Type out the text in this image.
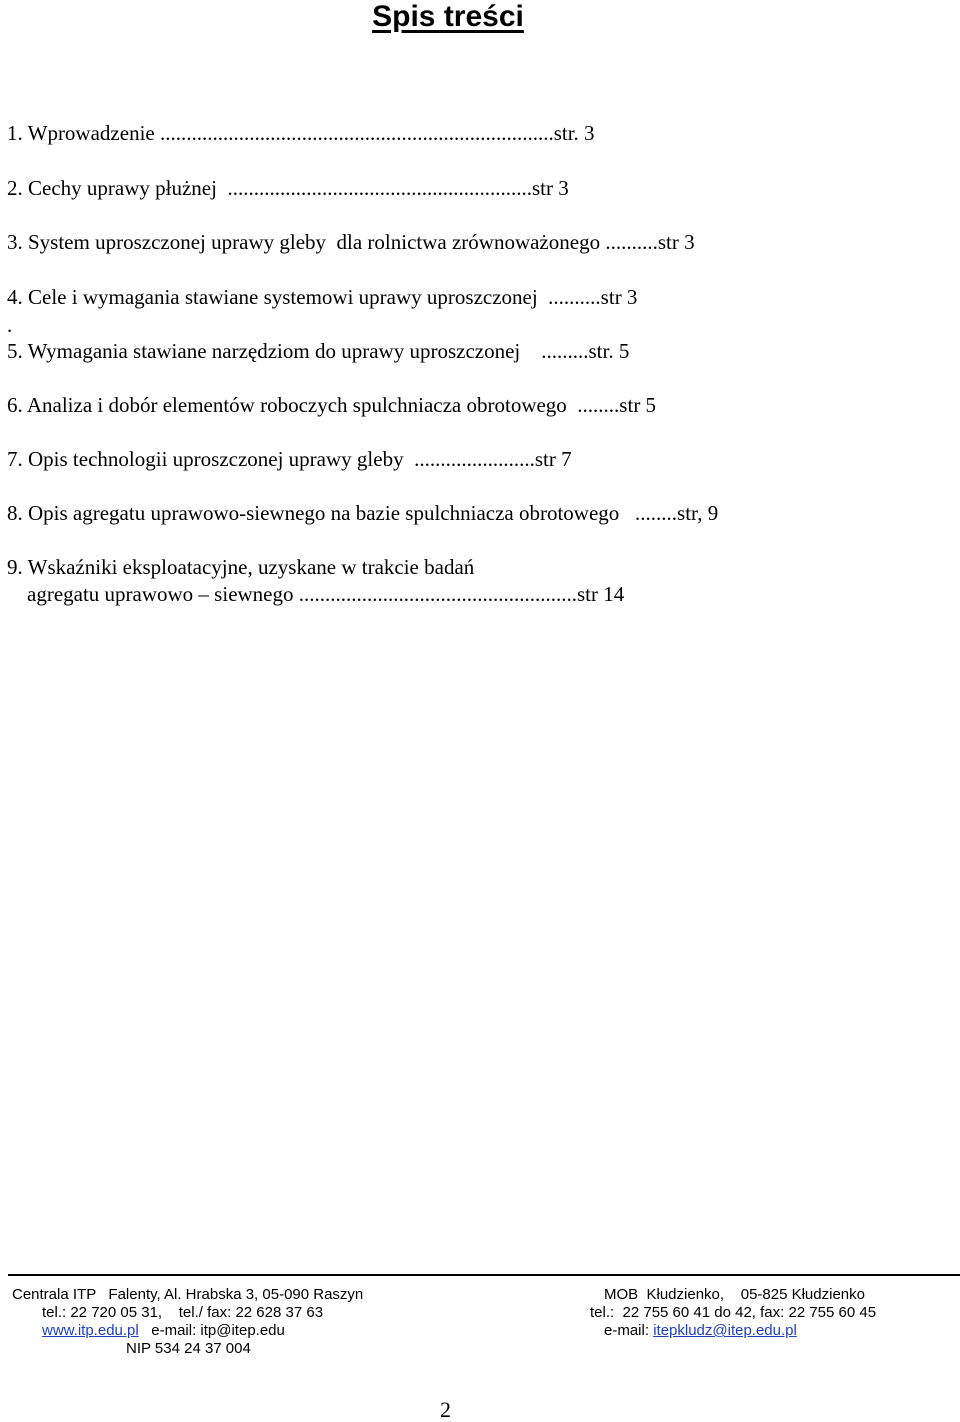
Spis treści
1. Wprowadzenie ...........................................................................str. 3
2. Cechy uprawy płużnej  ..........................................................str 3
3. System uproszczonej uprawy gleby  dla rolnictwa zrównoważonego ..........str 3
4. Cele i wymagania stawiane systemowi uprawy uproszczonej  ..........str 3
5. Wymagania stawiane narzędziom do uprawy uproszczonej    .........str. 5
6. Analiza i dobór elementów roboczych spulchniacza obrotowego  ........str 5
7. Opis technologii uproszczonej uprawy gleby  .......................str 7
8. Opis agregatu uprawowo-siewnego na bazie spulchniacza obrotowego   ........str, 9
9. Wskaźniki eksploatacyjne, uzyskane w trakcie badań
agregatu uprawowo – siewnego .....................................................str 14
.
Centrala ITP   Falenty, Al. Hrabska 3, 05-090 Raszyn
tel.: 22 720 05 31,    tel./ fax: 22 628 37 63
www.itp.edu.pl e-mail: itp@itep.edu
NIP 534 24 37 004
MOB  Kłudzienko,    05-825 Kłudzienko
tel.:  22 755 60 41 do 42, fax: 22 755 60 45
e-mail: itepkludz@itep.edu.pl
2
